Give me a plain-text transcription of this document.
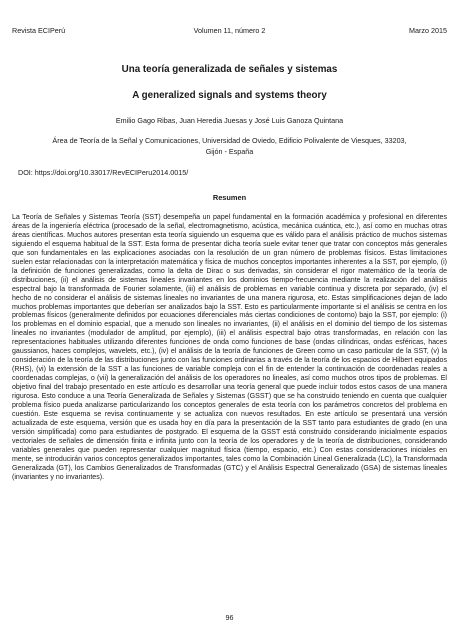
Revista ECIPerú	Volumen 11, número 2	Marzo 2015
Una teoría generalizada de señales y sistemas
A generalized signals and systems theory
Emilio Gago Ribas, Juan Heredia Juesas y José Luis Ganoza Quintana
Área de Teoría de la Señal y Comunicaciones, Universidad de Oviedo, Edificio Polivalente de Viesques, 33203, Gijón - España
DOI: https://doi.org/10.33017/RevECIPeru2014.0015/
Resumen

La Teoría de Señales y Sistemas Teoría (SST) desempeña un papel fundamental en la formación académica y profesional en diferentes áreas de la ingeniería eléctrica (procesado de la señal, electromagnetismo, acústica, mecánica cuántica, etc.), así como en muchas otras áreas científicas. Muchos autores presentan esta teoría siguiendo un esquema que es válido para el análisis práctico de muchos sistemas siguiendo el esquema habitual de la SST. Esta forma de presentar dicha teoría suele evitar tener que tratar con conceptos más generales que son fundamentales en las explicaciones asociadas con la resolución de un gran número de problemas físicos. Estas limitaciones suelen estar relacionadas con la interpretación matemática y física de muchos conceptos importantes inherentes a la SST, por ejemplo, (i) la definición de funciones generalizadas, como la delta de Dirac o sus derivadas, sin considerar el rigor matemático de la teoría de distribuciones, (ii) el análisis de sistemas lineales invariantes en los dominios tiempo-frecuencia mediante la realización del análisis espectral bajo la transformada de Fourier solamente, (iii) el análisis de problemas en variable continua y discreta por separado, (iv) el hecho de no considerar el análisis de sistemas lineales no invariantes de una manera rigurosa, etc. Estas simplificaciones dejan de lado muchos problemas importantes que deberían ser analizados bajo la SST. Esto es particularmente importante si el análisis se centra en los problemas físicos (generalmente definidos por ecuaciones diferenciales más ciertas condiciones de contorno) bajo la SST, por ejemplo: (i) los problemas en el dominio espacial, que a menudo son lineales no invariantes, (ii) el análisis en el dominio del tiempo de los sistemas lineales no invariantes (modulador de amplitud, por ejemplo), (iii) el análisis espectral bajo otras transformadas, en relación con las representaciones habituales utilizando diferentes funciones de onda como funciones de base (ondas cilíndricas, ondas esféricas, haces gaussianos, haces complejos, wavelets, etc.), (iv) el análisis de la teoría de funciones de Green como un caso particular de la SST, (v) la consideración de la teoría de las distribuciones junto con las funciones ordinarias a través de la teoría de los espacios de Hilbert equipados (RHS), (vi) la extensión de la SST a las funciones de variable compleja con el fin de entender la continuación de coordenadas reales a coordenadas complejas, o (vii) la generalización del análisis de los operadores no lineales, así como muchos otros tipos de problemas. El objetivo final del trabajo presentado en este artículo es desarrollar una teoría general que puede incluir todos estos casos de una manera rigurosa. Esto conduce a una Teoría Generalizada de Señales y Sistemas (GSST) que se ha construido teniendo en cuenta que cualquier problema físico pueda analizarse particularizando los conceptos generales de esta teoría con los parámetros concretos del problema en cuestión. Este esquema se revisa continuamente y se actualiza con nuevos resultados. En este artículo se presentará una versión actualizada de este esquema, versión que es usada hoy en día para la presentación de la SST tanto para estudiantes de grado (en una versión simplificada) como para estudiantes de postgrado. El esquema de la GSST está construido considerando inicialmente espacios vectoriales de señales de dimensión finita e infinita junto con la teoría de los operadores y de la teoría de distribuciones, considerando variables generales que pueden representar cualquier magnitud física (tiempo, espacio, etc.) Con estas consideraciones iniciales en mente, se introducirán varios conceptos generalizados importantes, tales como la Combinación Lineal Generalizada (LC), la Transformada Generalizada (GT), los Cambios Generalizados de Transformadas (GTC) y el Análisis Espectral Generalizado (GSA) de sistemas lineales (invariantes y no invariantes).

96
